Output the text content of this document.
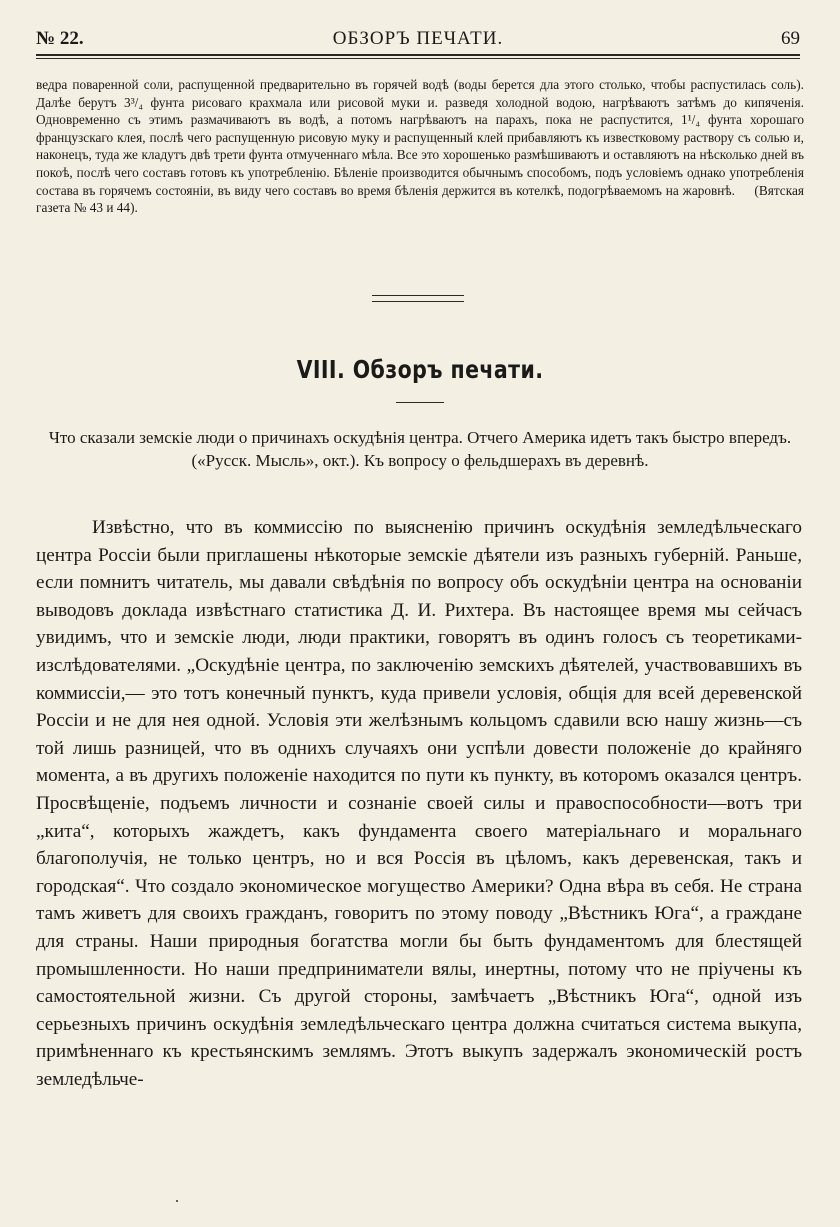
№ 22.	ОБЗОРЪ ПЕЧАТИ.	69

ведра поваренной соли, распущенной предварительно въ горячей водѣ (воды берется дла этого столько, чтобы распустилась соль). Далѣе берутъ 3³/₄ фунта рисоваго крахмала или рисовой муки и. разведя холодной водою, нагрѣваютъ затѣмъ до кипяченія. Одновременно съ этимъ размачиваютъ въ водѣ, а потомъ нагрѣваютъ на парахъ, пока не распустится, 1¹/₄ фунта хорошаго французскаго клея, послѣ чего распущенную рисовую муку и распущенный клей прибавляютъ къ известковому раствору съ солью и, наконецъ, туда же кладутъ двѣ трети фунта отмученнаго мѣла. Все это хорошенько размѣшиваютъ и оставляютъ на нѣсколько дней въ покоѣ, послѣ чего составъ готовъ къ употребленію. Бѣленіе производится обычнымъ способомъ, подъ условіемъ однако употребленія состава въ горячемъ состояніи, въ виду чего составъ во время бѣленія держится въ котелкѣ, подогрѣваемомъ на жаровнѣ. (Вятская газета № 43 и 44).

VIII. Обзоръ печати.
Что сказали земскіе люди о причинахъ оскудѣнія центра. Отчего Америка идетъ такъ быстро впередъ. («Русск. Мысль», окт.). Къ вопросу о фельдшерахъ въ деревнѣ.

Извѣстно, что въ коммиссію по выясненію причинъ оскудѣнія земледѣльческаго центра Россіи были приглашены нѣкоторые земскіе дѣятели изъ разныхъ губерній. Раньше, если помнитъ читатель, мы давали свѣдѣнія по вопросу объ оскудѣніи центра на основаніи выводовъ доклада извѣстнаго статистика Д. И. Рихтера. Въ настоящее время мы сейчасъ увидимъ, что и земскіе люди, люди практики, говорятъ въ одинъ голосъ съ теоретиками-изслѣдователями. „Оскудѣніе центра, по заключенію земскихъ дѣятелей, участвовавшихъ въ коммиссіи,— это тотъ конечный пунктъ, куда привели условія, общія для всей деревенской Россіи и не для нея одной. Условія эти желѣзнымъ кольцомъ сдавили всю нашу жизнь—съ той лишь разницей, что въ однихъ случаяхъ они успѣли довести положеніе до крайняго момента, а въ другихъ положеніе находится по пути къ пункту, въ которомъ оказался центръ. Просвѣщеніе, подъемъ личности и сознаніе своей силы и правоспособности—вотъ три „кита“, которыхъ жаждетъ, какъ фундамента своего матеріальнаго и моральнаго благополучія, не только центръ, но и вся Россія въ цѣломъ, какъ деревенская, такъ и городская“. Что создало экономическое могущество Америки? Одна вѣра въ себя. Не страна тамъ живетъ для своихъ гражданъ, говоритъ по этому поводу „Вѣстникъ Юга“, а граждане для страны. Наши природныя богатства могли бы быть фундаментомъ для блестящей промышленности. Но наши предприниматели вялы, инертны, потому что не пріучены къ самостоятельной жизни. Съ другой стороны, замѣчаетъ „Вѣстникъ Юга“, одной изъ серьезныхъ причинъ оскудѣнія земледѣльческаго центра должна считаться система выкупа, примѣненнаго къ крестьянскимъ землямъ. Этотъ выкупъ задержалъ экономическій ростъ земледѣльче-
